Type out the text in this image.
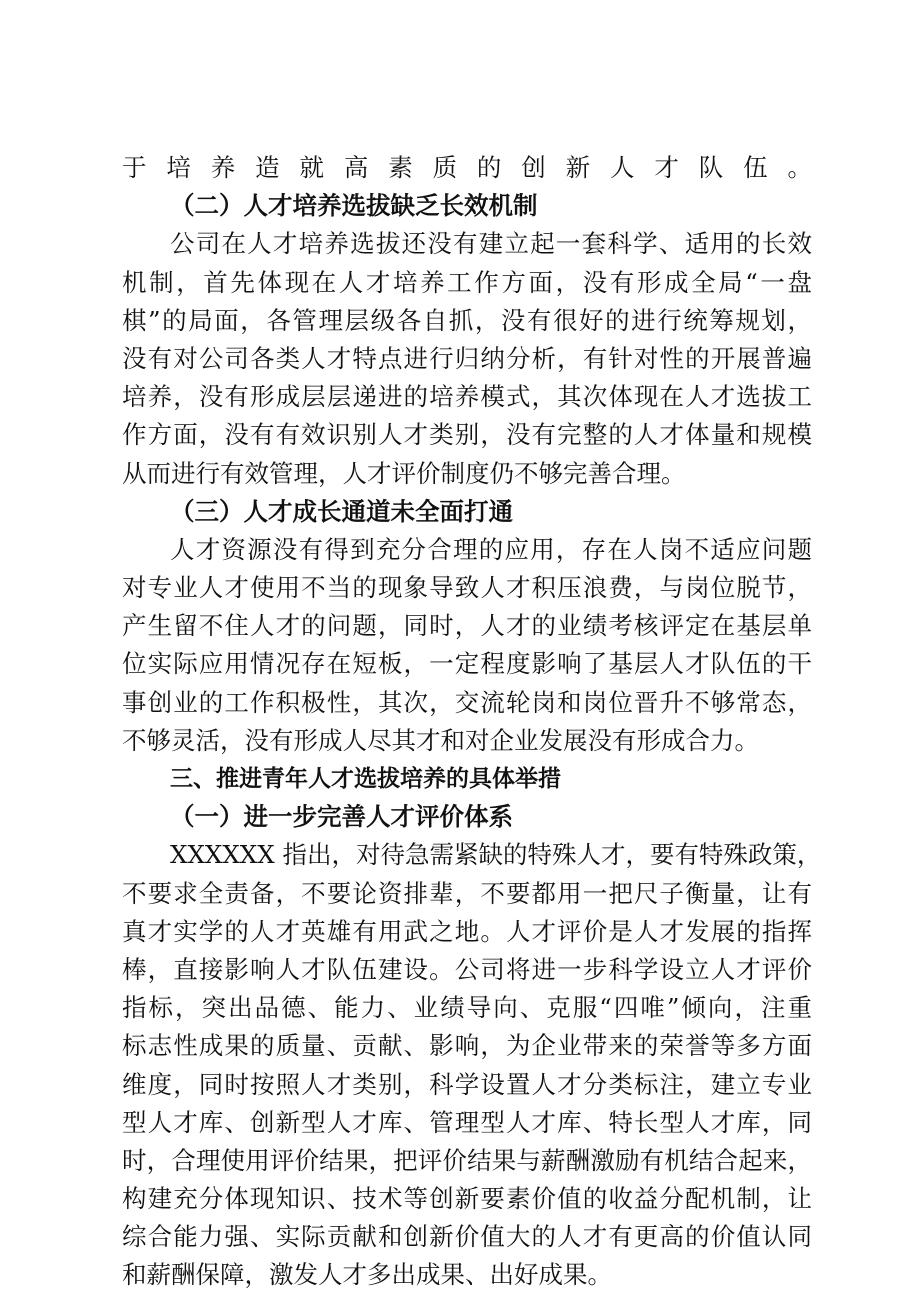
于培养造就高素质的创新人才队伍。
（二）人才培养选拔缺乏长效机制
公司在人才培养选拔还没有建立起一套科学、适用的长效
机制，首先体现在人才培养工作方面，没有形成全局“一盘
棋”的局面，各管理层级各自抓，没有很好的进行统筹规划，
没有对公司各类人才特点进行归纳分析，有针对性的开展普遍
培养，没有形成层层递进的培养模式，其次体现在人才选拔工
作方面，没有有效识别人才类别，没有完整的人才体量和规模
从而进行有效管理，人才评价制度仍不够完善合理。
（三）人才成长通道未全面打通
人才资源没有得到充分合理的应用，存在人岗不适应问题
对专业人才使用不当的现象导致人才积压浪费，与岗位脱节，
产生留不住人才的问题，同时，人才的业绩考核评定在基层单
位实际应用情况存在短板，一定程度影响了基层人才队伍的干
事创业的工作积极性，其次，交流轮岗和岗位晋升不够常态，
不够灵活，没有形成人尽其才和对企业发展没有形成合力。
三、推进青年人才选拔培养的具体举措
（一）进一步完善人才评价体系
XXXXXX 指出，对待急需紧缺的特殊人才，要有特殊政策，
不要求全责备，不要论资排辈，不要都用一把尺子衡量，让有
真才实学的人才英雄有用武之地。人才评价是人才发展的指挥
棒，直接影响人才队伍建设。公司将进一步科学设立人才评价
指标，突出品德、能力、业绩导向、克服“四唯”倾向，注重
标志性成果的质量、贡献、影响，为企业带来的荣誉等多方面
维度，同时按照人才类别，科学设置人才分类标注，建立专业
型人才库、创新型人才库、管理型人才库、特长型人才库，同
时，合理使用评价结果，把评价结果与薪酬激励有机结合起来，
构建充分体现知识、技术等创新要素价值的收益分配机制，让
综合能力强、实际贡献和创新价值大的人才有更高的价值认同
和薪酬保障，激发人才多出成果、出好成果。
